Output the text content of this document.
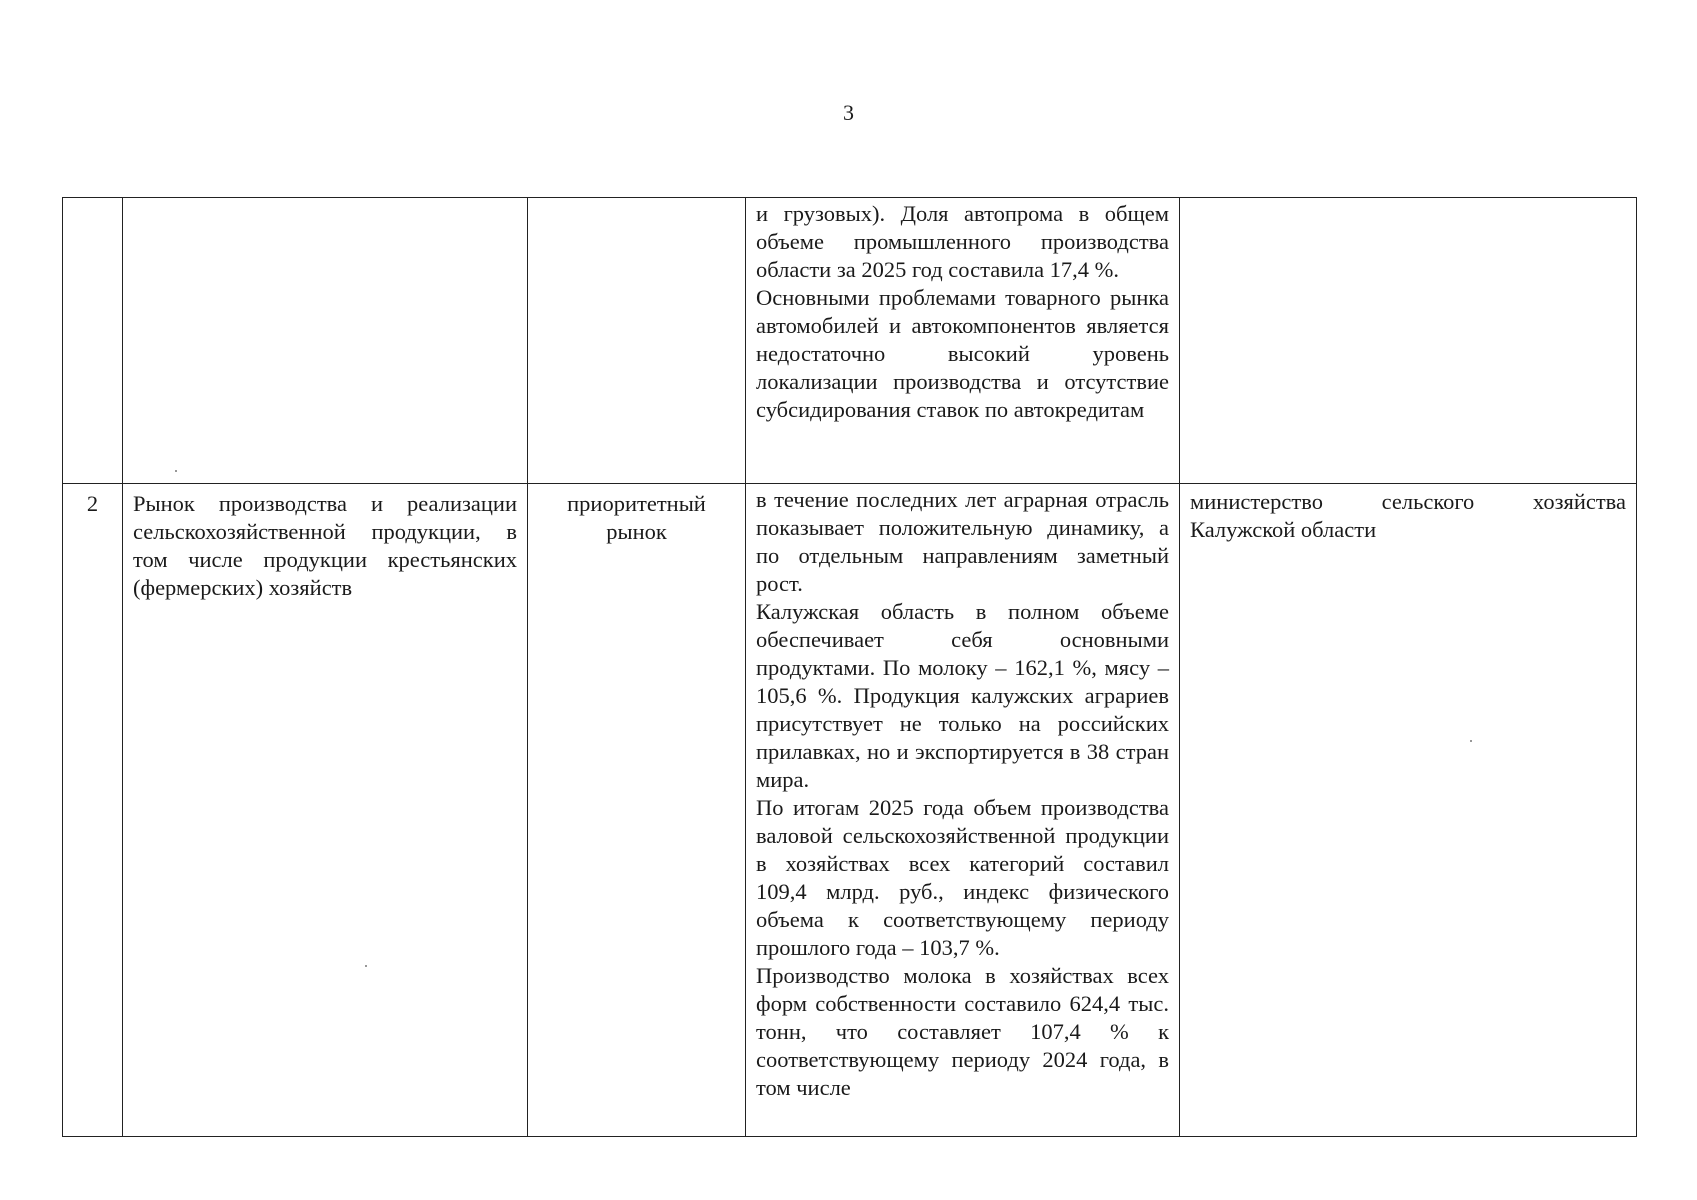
3

			и грузовых). Доля автопрома в общем объеме промышленного производства области за 2025 год составила 17,4 %.
Основными проблемами товарного рынка автомобилей и автокомпонентов является недостаточно высокий уровень локализации производства и отсутствие субсидирования ставок по автокредитам	

2	Рынок производства и реализации сельскохозяйственной продукции, в том числе продукции крестьянских (фермерских) хозяйств	приоритетный рынок	в течение последних лет аграрная отрасль показывает положительную динамику, а по отдельным направлениям заметный рост.
Калужская область в полном объеме обеспечивает себя основными продуктами. По молоку – 162,1 %, мясу – 105,6 %. Продукция калужских аграриев присутствует не только на российских прилавках, но и экспортируется в 38 стран мира.
По итогам 2025 года объем производства валовой сельскохозяйственной продукции в хозяйствах всех категорий составил 109,4 млрд. руб., индекс физического объема к соответствующему периоду прошлого года – 103,7 %.
Производство молока в хозяйствах всех форм собственности составило 624,4 тыс. тонн, что составляет 107,4 % к соответствующему периоду 2024 года, в том числе	министерство сельского хозяйства Калужской области
